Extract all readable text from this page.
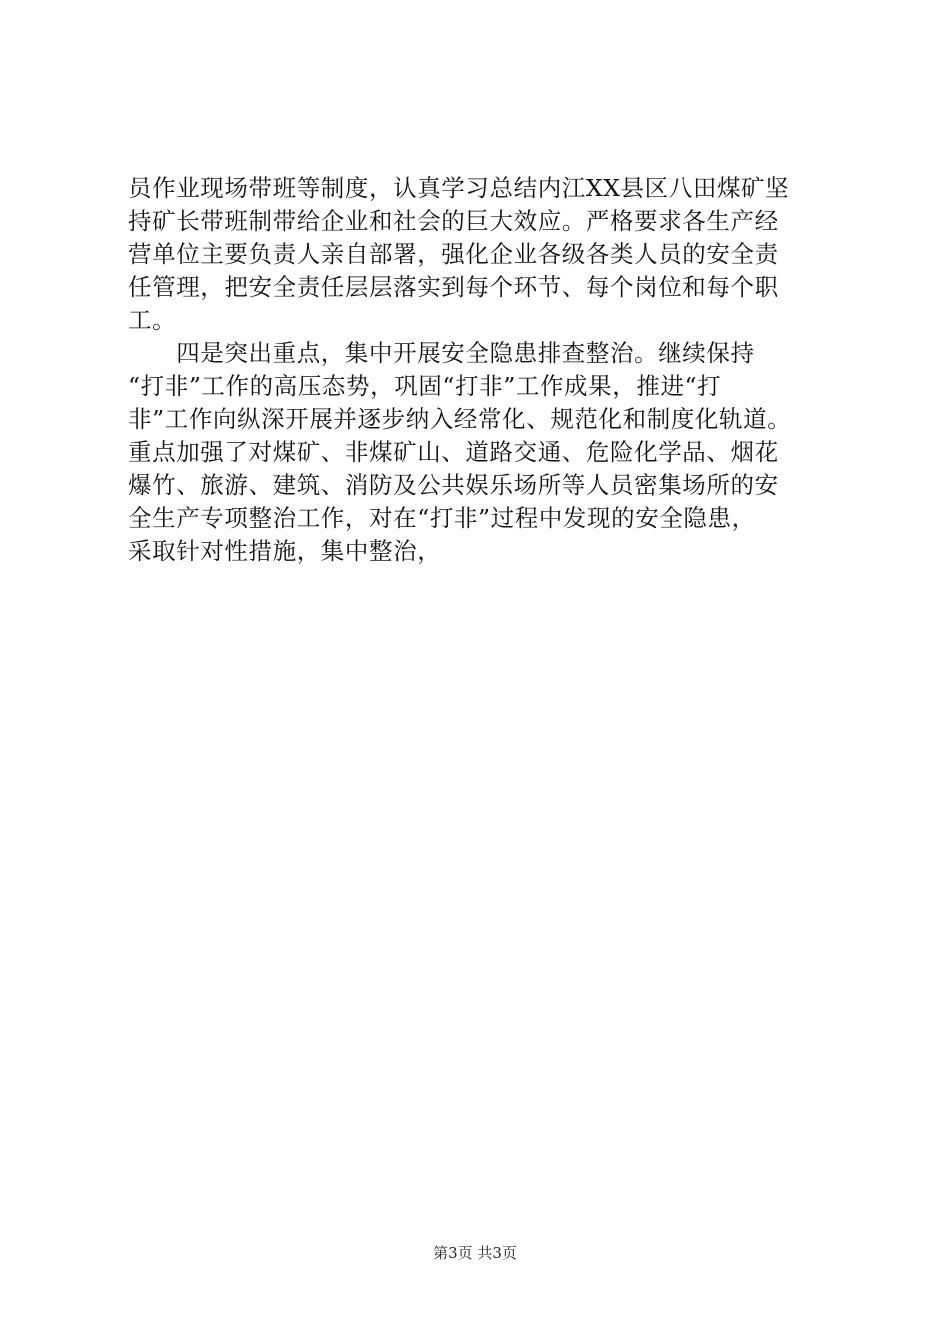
员作业现场带班等制度，认真学习总结内江XX县区八田煤矿坚
持矿长带班制带给企业和社会的巨大效应。严格要求各生产经
营单位主要负责人亲自部署，强化企业各级各类人员的安全责
任管理，把安全责任层层落实到每个环节、每个岗位和每个职
工。
　　四是突出重点，集中开展安全隐患排查整治。继续保持
“打非”工作的高压态势，巩固“打非”工作成果，推进“打
非”工作向纵深开展并逐步纳入经常化、规范化和制度化轨道。
重点加强了对煤矿、非煤矿山、道路交通、危险化学品、烟花
爆竹、旅游、建筑、消防及公共娱乐场所等人员密集场所的安
全生产专项整治工作，对在“打非”过程中发现的安全隐患，
采取针对性措施，集中整治，
第3页 共3页
